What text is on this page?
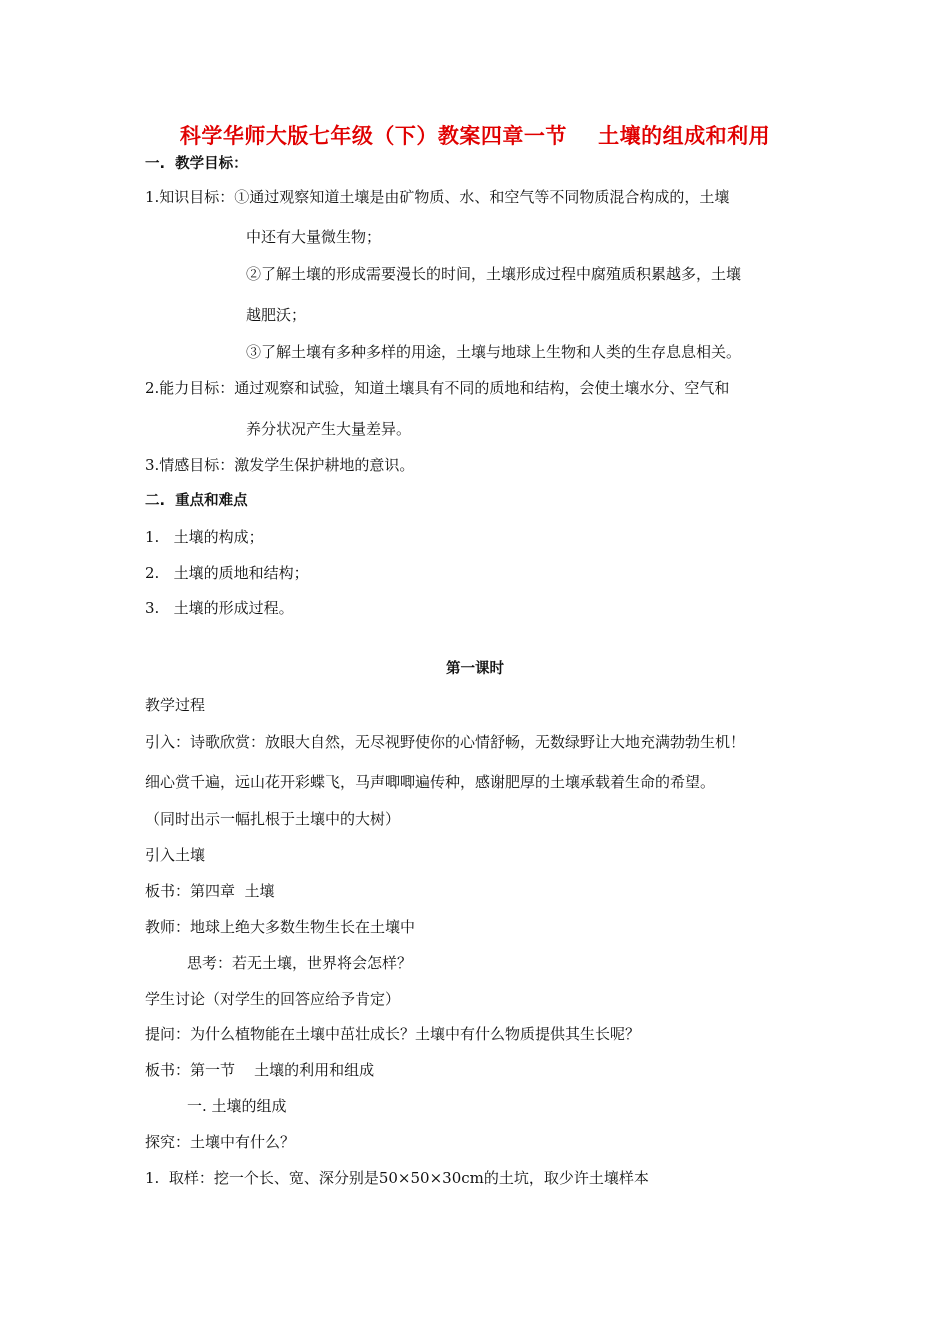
科学华师大版七年级（下）教案四章一节    土壤的组成和利用
一.  教学目标：
1.知识目标：①通过观察知道土壤是由矿物质、水、和空气等不同物质混合构成的，土壤
中还有大量微生物；
②了解土壤的形成需要漫长的时间，土壤形成过程中腐殖质积累越多，土壤
越肥沃；
③了解土壤有多种多样的用途，土壤与地球上生物和人类的生存息息相关。
2.能力目标：通过观察和试验，知道土壤具有不同的质地和结构，会使土壤水分、空气和
养分状况产生大量差异。
3.情感目标：激发学生保护耕地的意识。
二.  重点和难点
1.   土壤的构成；
2.   土壤的质地和结构；
3.   土壤的形成过程。
第一课时
教学过程
引入：诗歌欣赏：放眼大自然，无尽视野使你的心情舒畅，无数绿野让大地充满勃勃生机！
细心赏千遍，远山花开彩蝶飞，马声唧唧遍传种，感谢肥厚的土壤承载着生命的希望。
（同时出示一幅扎根于土壤中的大树）
引入土壤
板书：第四章  土壤
教师：地球上绝大多数生物生长在土壤中
思考：若无土壤，世界将会怎样？
学生讨论（对学生的回答应给予肯定）
提问：为什么植物能在土壤中茁壮成长？土壤中有什么物质提供其生长呢？
板书：第一节    土壤的利用和组成
一. 土壤的组成
探究：土壤中有什么？
1.  取样：挖一个长、宽、深分别是50×50×30cm的土坑，取少许土壤样本
